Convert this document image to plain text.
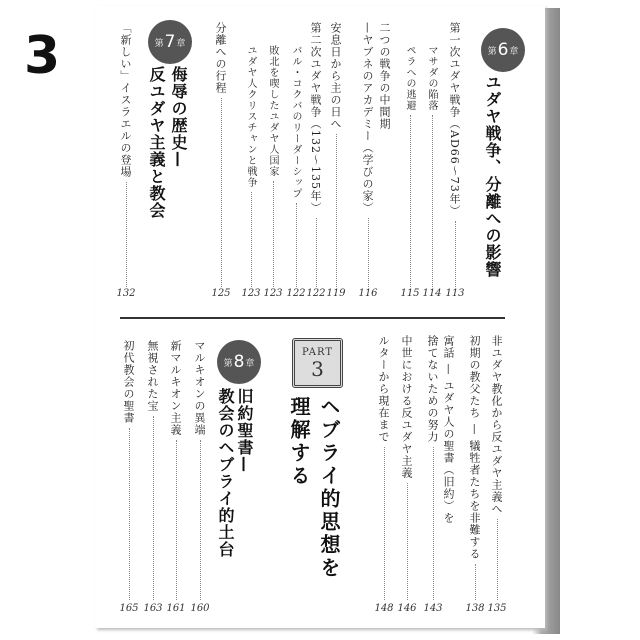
3	第 6 章
ユダヤ戦争、分離への影響
第 7 章
侮辱の歴史—
反ユダヤ主義と教会
PART
3
ヘブライ的思想を
理解する
第 8 章
旧約聖書—
教会のヘブライ的土台
第一次ユダヤ戦争（AD66～73年）
113
マサダの陥落
114
ペラへの逃避
115
二つの戦争の中間期
—ヤブネのアカデミー（学びの家）
116
安息日から主の日へ
119
第二次ユダヤ戦争（132～135年）
122
バル・コクバのリーダーシップ
122
敗北を喫したユダヤ人国家
123
ユダヤ人クリスチャンと戦争
123
分離への行程
125
「新しい」イスラエルの登場
132
非ユダヤ教化から反ユダヤ主義へ
135
初期の教父たち — 犠牲者たちを非難する
138
寓話 — ユダヤ人の聖書（旧約）を
捨てないための努力
143
中世における反ユダヤ主義
146
ルターから現在まで
148
マルキオンの異端
160
新マルキオン主義
161
無視された宝
163
初代教会の聖書
165
